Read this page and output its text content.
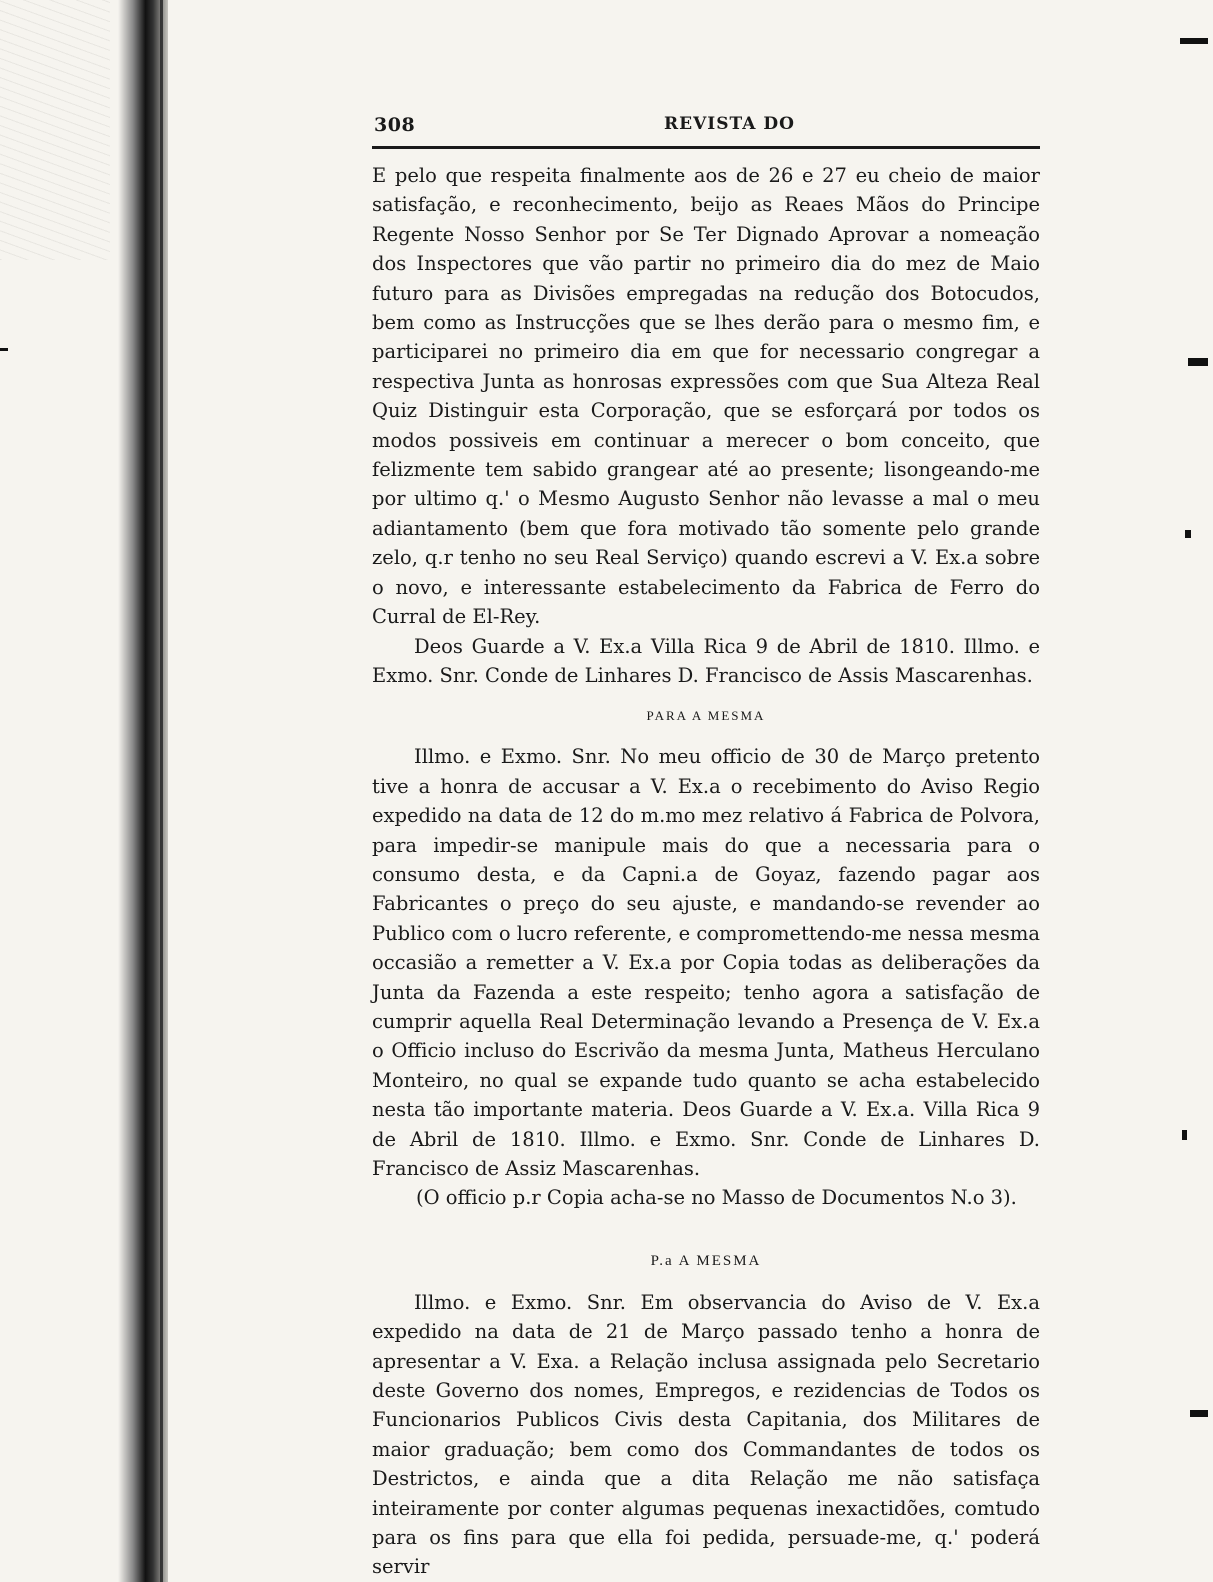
308	REVISTA DO

E pelo que respeita finalmente aos de 26 e 27 eu cheio de maior satisfação, e reconhecimento, beijo as Reaes Mãos do Principe Regente Nosso Senhor por Se Ter Dignado Aprovar a nomeação dos Inspectores que vão partir no primeiro dia do mez de Maio futuro para as Divisões empregadas na redução dos Botocudos, bem como as Instrucções que se lhes derão para o mesmo fim, e participarei no primeiro dia em que for necessario congregar a respectiva Junta as honrosas expressões com que Sua Alteza Real Quiz Distinguir esta Corporação, que se esforçará por todos os modos possiveis em continuar a merecer o bom conceito, que felizmente tem sabido grangear até ao presente; lisongeando-me por ultimo q.' o Mesmo Augusto Senhor não levasse a mal o meu adiantamento (bem que fora motivado tão somente pelo grande zelo, q.r tenho no seu Real Serviço) quando escrevi a V. Ex.a sobre o novo, e interessante estabelecimento da Fabrica de Ferro do Curral de El-Rey.

Deos Guarde a V. Ex.a Villa Rica 9 de Abril de 1810. Illmo. e Exmo. Snr. Conde de Linhares D. Francisco de Assis Mascarenhas.

PARA A MESMA

Illmo. e Exmo. Snr. No meu officio de 30 de Março pretento tive a honra de accusar a V. Ex.a o recebimento do Aviso Regio expedido na data de 12 do m.mo mez relativo á Fabrica de Polvora, para impedir-se manipule mais do que a necessaria para o consumo desta, e da Capni.a de Goyaz, fazendo pagar aos Fabricantes o preço do seu ajuste, e mandando-se revender ao Publico com o lucro referente, e compromettendo-me nessa mesma occasião a remetter a V. Ex.a por Copia todas as deliberações da Junta da Fazenda a este respeito; tenho agora a satisfação de cumprir aquella Real Determinação levando a Presença de V. Ex.a o Officio incluso do Escrivão da mesma Junta, Matheus Herculano Monteiro, no qual se expande tudo quanto se acha estabelecido nesta tão importante materia. Deos Guarde a V. Ex.a. Villa Rica 9 de Abril de 1810. Illmo. e Exmo. Snr. Conde de Linhares D. Francisco de Assiz Mascarenhas.

(O officio p.r Copia acha-se no Masso de Documentos N.o 3).

P.a A MESMA

Illmo. e Exmo. Snr. Em observancia do Aviso de V. Ex.a expedido na data de 21 de Março passado tenho a honra de apresentar a V. Exa. a Relação inclusa assignada pelo Secretario deste Governo dos nomes, Empregos, e rezidencias de Todos os Funcionarios Publicos Civis desta Capitania, dos Militares de maior graduação; bem como dos Commandantes de todos os Destrictos, e ainda que a dita Relação me não satisfaça inteiramente por conter algumas pequenas inexactidões, comtudo para os fins para que ella foi pedida, persuade-me, q.' poderá servir
